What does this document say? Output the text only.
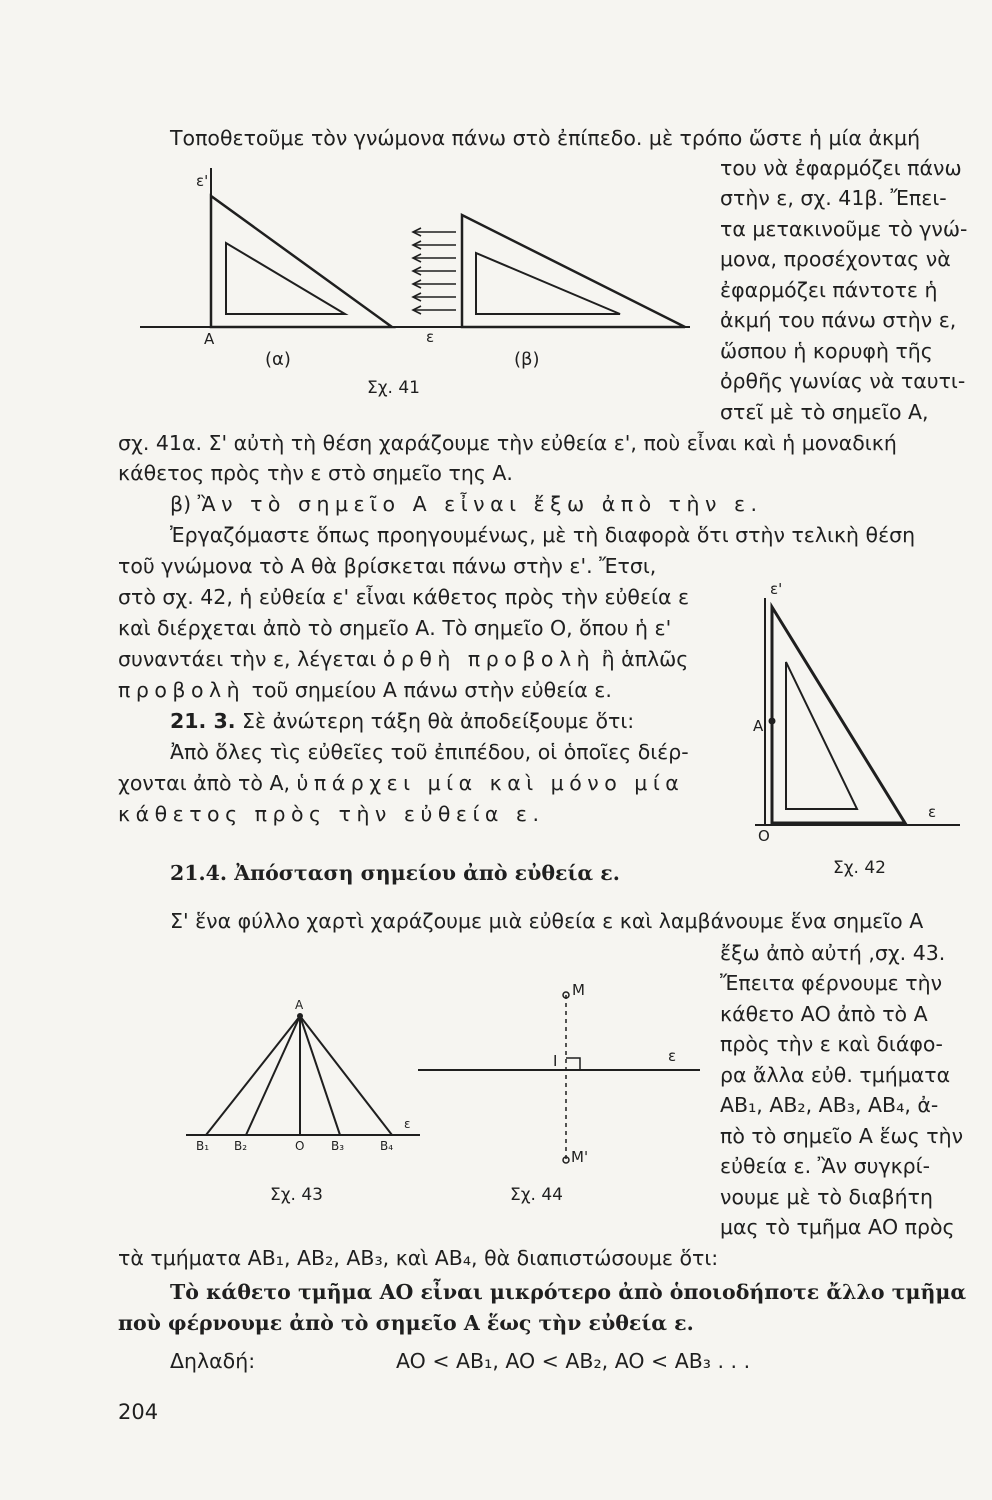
Τοποθετοῦμε τὸν γνώμονα πάνω στὸ ἐπίπεδο. μὲ τρόπο ὥστε ἡ μία ἀκμή

του νὰ ἐφαρμόζει πάνω

στὴν ε, σχ. 41β. Ἔπει-

τα μετακινοῦμε τὸ γνώ-

μονα, προσέχοντας νὰ

ἐφαρμόζει πάντοτε ἡ

ἀκμή του πάνω στὴν ε,

ὥσπου ἡ κορυφὴ τῆς

ὀρθῆς γωνίας νὰ ταυτι-

στεῖ μὲ τὸ σημεῖο Α,

σχ. 41α. Σ' αὐτὴ τὴ θέση χαράζουμε τὴν εὐθεία ε', ποὺ εἶναι καὶ ἡ μοναδική

κάθετος πρὸς τὴν ε στὸ σημεῖο της Α.

β) Ἂν τὸ σημεῖο Α εἶναι ἔξω ἀπὸ τὴν ε.

Ἐργαζόμαστε ὅπως προηγουμένως, μὲ τὴ διαφορὰ ὅτι στὴν τελικὴ θέση

τοῦ γνώμονα τὸ Α θὰ βρίσκεται πάνω στὴν ε'. Ἔτσι,

στὸ σχ. 42, ἡ εὐθεία ε' εἶναι κάθετος πρὸς τὴν εὐθεία ε

καὶ διέρχεται ἀπὸ τὸ σημεῖο Α. Τὸ σημεῖο Ο, ὅπου ἡ ε'

συναντάει τὴν ε, λέγεται ὀρθὴ προβολὴ ἢ ἁπλῶς

προβολὴ τοῦ σημείου Α πάνω στὴν εὐθεία ε.

21. 3. Σὲ ἀνώτερη τάξη θὰ ἀποδείξουμε ὅτι:

Ἀπὸ ὅλες τὶς εὐθεῖες τοῦ ἐπιπέδου, οἱ ὁποῖες διέρ-

χονται ἀπὸ τὸ Α, ὑπάρχει μία καὶ μόνο μία

κάθετος πρὸς τὴν εὐθεία ε.

21.4. Ἀπόσταση σημείου ἀπὸ εὐθεία ε.

Σ' ἕνα φύλλο χαρτὶ χαράζουμε μιὰ εὐθεία ε καὶ λαμβάνουμε ἕνα σημεῖο Α

ἔξω ἀπὸ αὐτή ,σχ. 43.

Ἔπειτα φέρνουμε τὴν

κάθετο ΑΟ ἀπὸ τὸ Α

πρὸς τὴν ε καὶ διάφο-

ρα ἄλλα εὐθ. τμήματα

AB₁, AB₂, AB₃, AB₄, ἀ-

πὸ τὸ σημεῖο Α ἕως τὴν

εὐθεία ε. Ἂν συγκρί-

νουμε μὲ τὸ διαβήτη

μας τὸ τμῆμα ΑΟ πρὸς

τὰ τμήματα AB₁, AB₂, AB₃, καὶ AB₄, θὰ διαπιστώσουμε ὅτι:

Τὸ κάθετο τμῆμα ΑΟ εἶναι μικρότερο ἀπὸ ὁποιοδήποτε ἄλλο τμῆμα

ποὺ φέρνουμε ἀπὸ τὸ σημεῖο Α ἕως τὴν εὐθεία ε.

Δηλαδή:	AO < AB₁, AO < AB₂, AO < AB₃ . . .

204
ε'
A	ε
(α)	(β)
Σχ. 41
ε'
A
ε
O
Σχ. 42
A
B₁ B₂	O B₃	B₄
ε
Σχ. 43
M
I	ε
M'
Σχ. 44
